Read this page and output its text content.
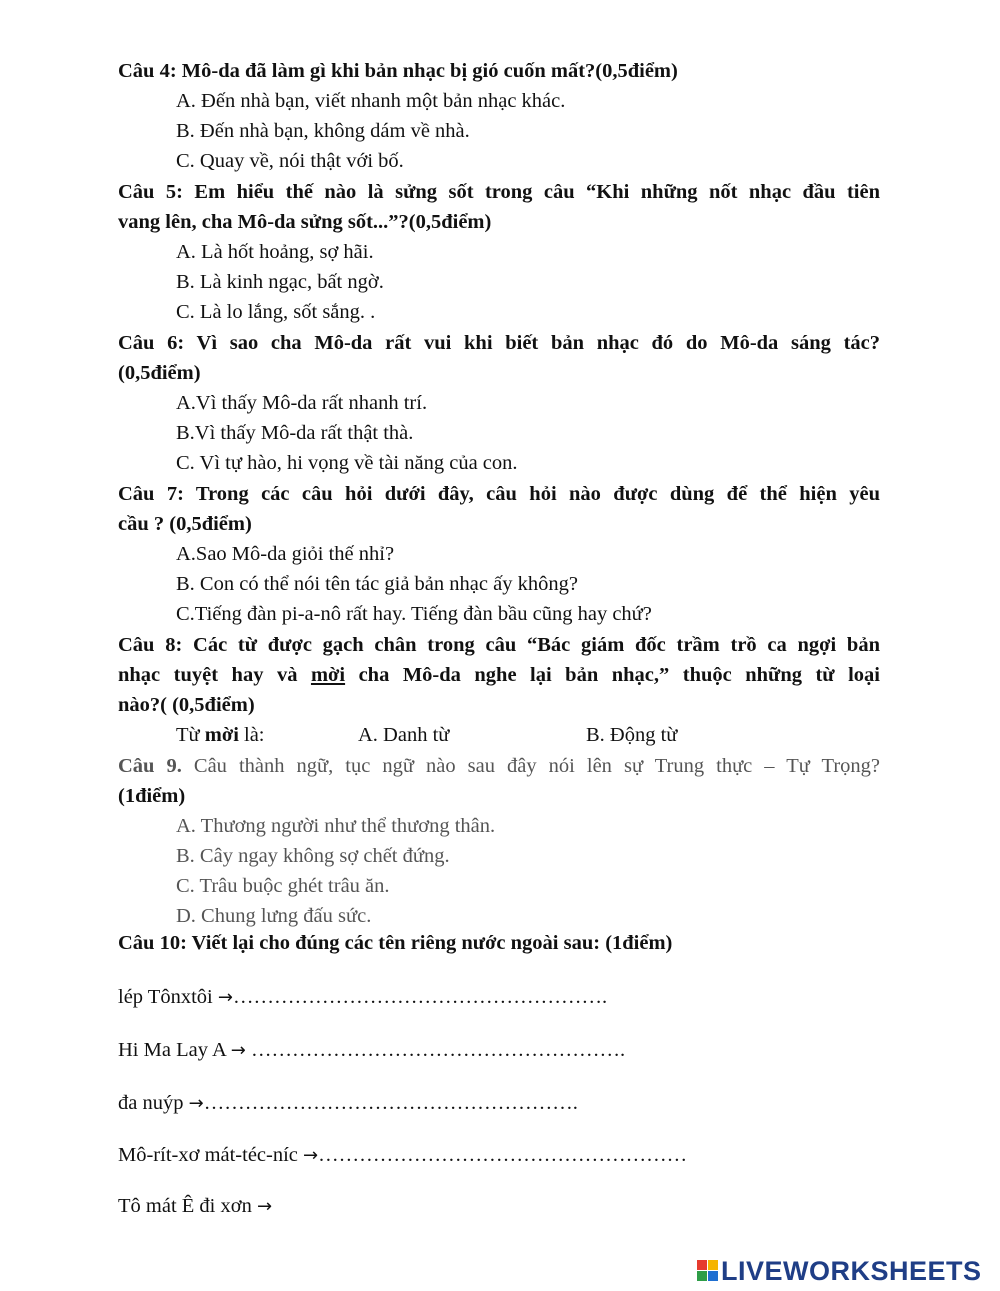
Câu 4: Mô-da đã làm gì khi bản nhạc bị gió cuốn mất?(0,5điểm)
A. Đến nhà bạn, viết nhanh một bản nhạc khác.
B. Đến nhà bạn, không dám về nhà.
C. Quay về, nói thật với bố.
Câu 5: Em hiểu thế nào là sửng sốt trong câu “Khi những nốt nhạc đầu tiên
vang lên, cha Mô-da sửng sốt...”?(0,5điểm)
A. Là hốt hoảng, sợ hãi.
B. Là kinh ngạc, bất ngờ.
C. Là lo lắng, sốt sắng. .
Câu 6: Vì sao cha Mô-da rất vui khi biết bản nhạc đó do Mô-da sáng tác?
(0,5điểm)
A.Vì thấy Mô-da rất nhanh trí.
B.Vì thấy Mô-da rất thật thà.
C. Vì tự hào, hi vọng về tài năng của con.
Câu 7: Trong các câu hỏi dưới đây, câu hỏi nào được dùng để thể hiện yêu
cầu ? (0,5điểm)
A.Sao Mô-da giỏi thế nhỉ?
B. Con có thể nói tên tác giả bản nhạc ấy không?
C.Tiếng đàn pi-a-nô rất hay. Tiếng đàn bầu cũng hay chứ?
Câu 8: Các từ được gạch chân trong câu “Bác giám đốc trầm trồ ca ngợi bản
nhạc tuyệt hay và mời cha Mô-da nghe lại bản nhạc,” thuộc những từ loại
nào?( (0,5điểm)
Từ mời là:	A. Danh từ	B. Động từ
Câu 9. Câu thành ngữ, tục ngữ nào sau đây nói lên sự Trung thực – Tự Trọng?
(1điểm)
A. Thương người như thể thương thân.
B. Cây ngay không sợ chết đứng.
C. Trâu buộc ghét trâu ăn.
D. Chung lưng đấu sức.
Câu 10: Viết lại cho đúng các tên riêng nước ngoài sau: (1điểm)
lép Tônxtôi →……………………………………………….
Hi Ma Lay A → ……………………………………………….
đa nuýp →……………………………………………….
Mô-rít-xơ mát-téc-níc →………………………………………………
Tô mát Ê đi xơn →
LIVEWORKSHEETS
